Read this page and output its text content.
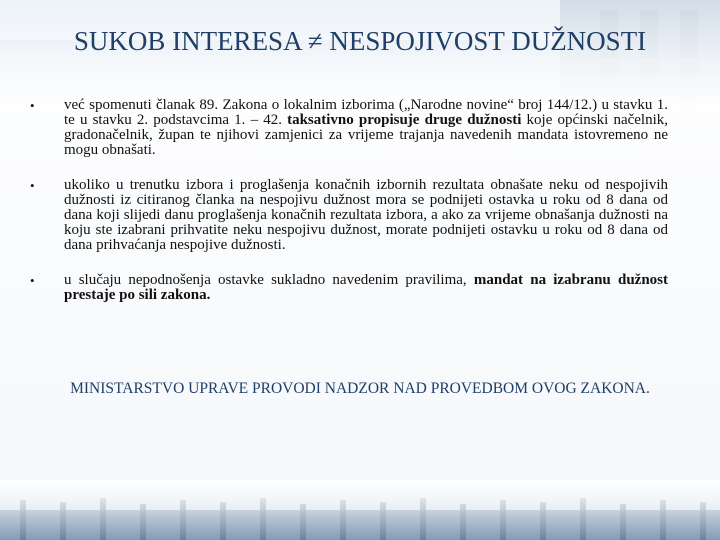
SUKOB INTERESA ≠ NESPOJIVOST DUŽNOSTI
• već spomenuti članak 89. Zakona o lokalnim izborima („Narodne novine“ broj 144/12.) u stavku 1. te u stavku 2. podstavcima 1. – 42. taksativno propisuje druge dužnosti koje općinski načelnik, gradonačelnik, župan te njihovi zamjenici za vrijeme trajanja navedenih mandata istovremeno ne mogu obnašati.
• ukoliko u trenutku izbora i proglašenja konačnih izbornih rezultata obnašate neku od nespojivih dužnosti iz citiranog članka na nespojivu dužnost mora se podnijeti ostavka u roku od 8 dana od dana koji slijedi danu proglašenja konačnih rezultata izbora, a ako za vrijeme obnašanja dužnosti na koju ste izabrani prihvatite neku nespojivu dužnost, morate podnijeti ostavku u roku od 8 dana od dana prihvaćanja nespojive dužnosti.
• u slučaju nepodnošenja ostavke sukladno navedenim pravilima, mandat na izabranu dužnost prestaje po sili zakona.
MINISTARSTVO UPRAVE PROVODI NADZOR NAD PROVEDBOM OVOG ZAKONA.
